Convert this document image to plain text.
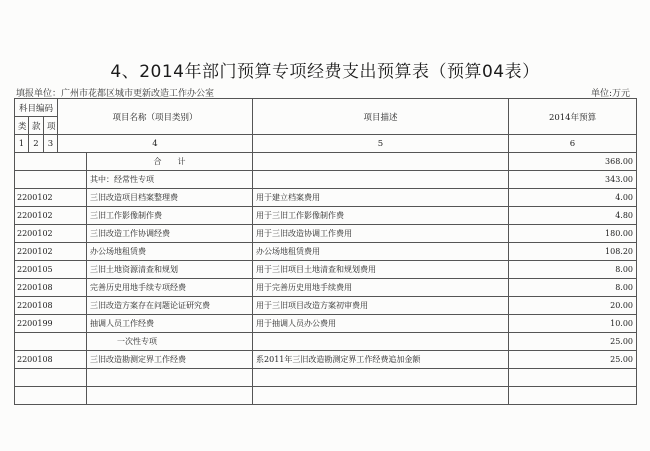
4、2014年部门预算专项经费支出预算表（预算04表）
填报单位：广州市花都区城市更新改造工作办公室	单位:万元
科目编码			项目名称（项目类别）		项目描述	2014年预算
类	款	项				
1	2	3	4		5	6
				合　　计		368.00
				其中：经常性专项		343.00
2200102				三旧改造项目档案整理费	用于建立档案费用	4.00
2200102				三旧工作影像制作费	用于三旧工作影像制作费	4.80
2200102				三旧改造工作协调经费	用于三旧改造协调工作费用	180.00
2200102				办公场地租赁费	办公场地租赁费用	108.20
2200105				三旧土地资源清查和规划	用于三旧项目土地清查和规划费用	8.00
2200108				完善历史用地手续专项经费	用于完善历史用地手续费用	8.00
2200108				三旧改造方案存在问题论证研究费	用于三旧项目改造方案初审费用	20.00
2200199				抽调人员工作经费	用于抽调人员办公费用	10.00
				一次性专项		25.00
2200108				三旧改造勘测定界工作经费	系2011年三旧改造勘测定界工作经费追加金额	25.00
